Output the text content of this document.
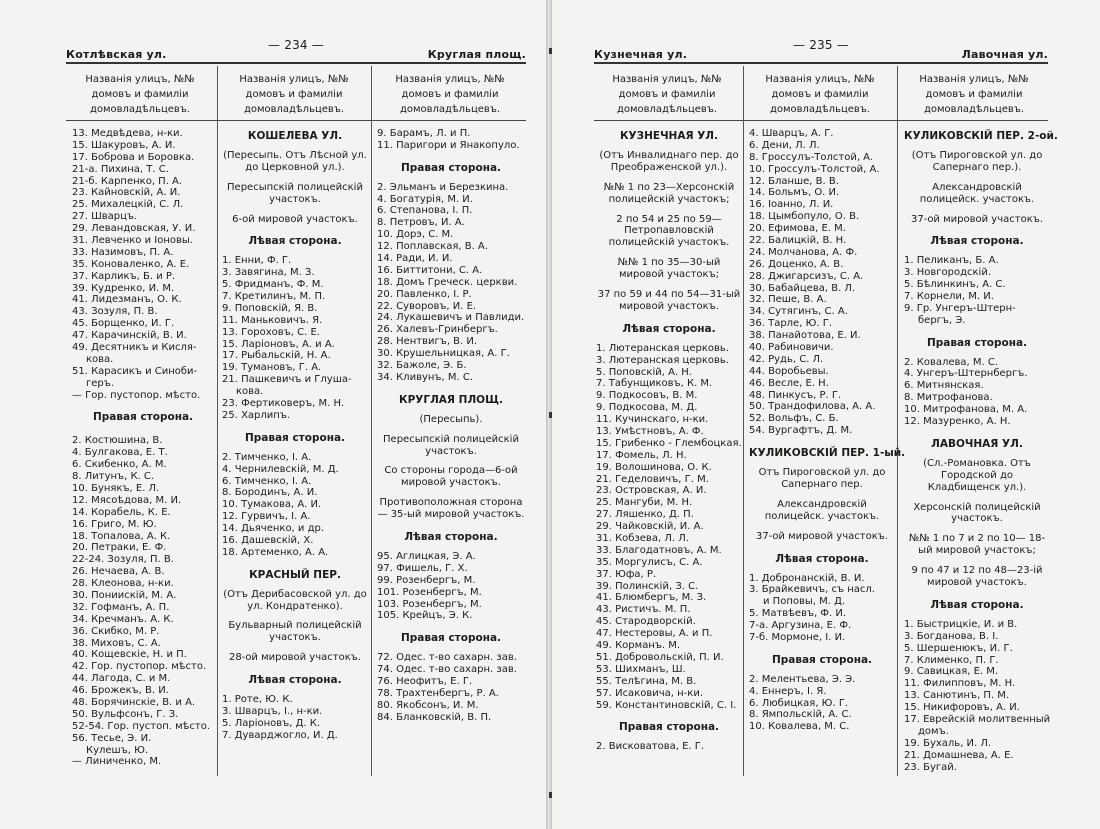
Котлѣвская ул.
— 234 —
Круглая площ.
Названія улицъ, №№
домовъ и фамиліи
домовладѣльцевъ.
Названія улицъ, №№
домовъ и фамиліи
домовладѣльцевъ.
Названія улицъ, №№
домовъ и фамиліи
домовладѣльцевъ.
13. Медвѣдева, н-ки.
15. Шакуровъ, А. И.
17. Боброва и Боровка.
21-а. Пихина, Т. С.
21-б. Карпенко, П. А.
23. Кайновскій, А. И.
25. Михалецкій, С. Л.
27. Шварцъ.
29. Левандовская, У. И.
31. Левченко и Іоновы.
33. Назимовъ, П. А.
35. Коноваленко, А. Е.
37. Карликъ, Б. и Р.
39. Кудренко, И. М.
41. Лидезманъ, О. К.
43. Зозуля, П. В.
45. Борщенко, И. Г.
47. Карачинскій, В. И.
49. Десятникъ и Кисля-
кова.
51. Карасикъ и Синоби-
геръ.
— Гор. пустопор. мѣсто.
Правая сторона.
2. Костюшина, В.
4. Булгакова, Е. Т.
6. Скибенко, А. М.
8. Литунъ, К. С.
10. Бунякъ, Е. Л.
12. Мясоѣдова, М. И.
14. Корабель, К. Е.
16. Григо, М. Ю.
18. Топалова, А. К.
20. Петраки, Е. Ф.
22-24. Зозуля, П. В.
26. Нечаева, А. В.
28. Клеонова, н-ки.
30. Пониискій, М. А.
32. Гофманъ, А. П.
34. Кречманъ. А. К.
36. Скибко, М. Р.
38. Миховъ, С. А.
40. Кощевскіе, Н. и П.
42. Гор. пустопор. мѣсто.
44. Лагода, С. и М.
46. Брожекъ, В. И.
48. Борячинскіе, В. и А.
50. Вульфсонъ, Г. З.
52-54. Гор. пустоп. мѣсто.
56. Тесье, Э. И.
Кулешъ, Ю.
— Линиченко, М.
КОШЕЛЕВА УЛ.
(Пересыпь. Отъ Лѣсной ул. до Церковной ул.).
Пересыпскій полицейскій участокъ.
6-ой мировой участокъ.
Лѣвая сторона.
1. Енни, Ф. Г.
3. Завягина, М. З.
5. Фридманъ, Ф. М.
7. Кретилинъ, М. П.
9. Поповскій, Я. В.
11. Маньковичъ. Я.
13. Гороховъ, С. Е.
15. Ларіоновъ, А. и А.
17. Рыбальскій, Н. А.
19. Тумановъ, Г. А.
21. Пашкевичъ и Глуша-
кова.
23. Фертиковеръ, М. Н.
25. Харлипъ.
Правая сторона.
2. Тимченко, І. А.
4. Чернилевскій, М. Д.
6. Тимченко, І. А.
8. Бородинъ, А. И.
10. Тумакова, А. И.
12. Гурвичъ, І. А.
14. Дьяченко, и др.
16. Дашевскій, Х.
18. Артеменко, А. А.
КРАСНЫЙ ПЕР.
(Отъ Дерибасовской ул. до ул. Кондратенко).
Бульварный полицейскій участокъ.
28-ой мировой участокъ.
Лѣвая сторона.
1. Роте, Ю. К.
3. Шварцъ, І., н-ки.
5. Ларіоновъ, Д. К.
7. Дуварджогло, И. Д.
9. Барамъ, Л. и П.
11. Паригори и Янакопуло.
Правая сторона.
2. Эльманъ и Березкина.
4. Богатурія, М. И.
6. Степанова, І. П.
8. Петровъ, И. А.
10. Дорэ, С. М.
12. Поплавская, В. А.
14. Ради, И. И.
16. Биттитони, С. А.
18. Домъ Греческ. церкви.
20. Павленко, І. Р.
22. Суворовъ, И. Е.
24. Лукашевичъ и Павлиди.
26. Халевъ-Гринбергъ.
28. Нентвигъ, В. И.
30. Крушельницкая, А. Г.
32. Бажоле, Э. Б.
34. Кливунъ, М. С.
КРУГЛАЯ ПЛОЩ.
(Пересыпь).
Пересыпскій полицейскій участокъ.
Со стороны города—6-ой мировой участокъ.
Противоположная сторона— 35-ый мировой участокъ.
Лѣвая сторона.
95. Аглицкая, Э. А.
97. Фишель, Г. Х.
99. Розенбергъ, М.
101. Розенбергъ, М.
103. Розенбергъ, М.
105. Крейцъ, Э. К.
Правая сторона.
72. Одес. т-во сахарн. зав.
74. Одес. т-во сахарн. зав.
76. Неофитъ, Е. Г.
78. Трахтенбергъ, Р. А.
80. Якобсонъ, И. М.
84. Бланковскій, В. П.
Кузнечная ул.
— 235 —
Лавочная ул.
Названія улицъ, №№
домовъ и фамиліи
домовладѣльцевъ.
Названія улицъ, №№
домовъ и фамиліи
домовладѣльцевъ.
Названія улицъ, №№
домовъ и фамиліи
домовладѣльцевъ.
КУЗНЕЧНАЯ УЛ.
(Отъ Инвалиднаго пер. до Преображенской ул.).
№№ 1 по 23—Херсонскій полицейскій участокъ;
2 по 54 и 25 по 59—Петропавловскій полицейскій участокъ.
№№ 1 по 35—30-ый мировой участокъ;
37 по 59 и 44 по 54—31-ый мировой участокъ.
Лѣвая сторона.
1. Лютеранская церковь.
3. Лютеранская церковь.
5. Поповскій, А. Н.
7. Табунщиковъ, К. М.
9. Подкосовъ, В. М.
9. Подкосова, М. Д.
11. Кучинскаго, н-ки.
13. Умѣстновъ, А. Ф.
15. Грибенко - Глембоцкая.
17. Фомель, Л. Н.
19. Волошинова, О. К.
21. Геделовичъ, Г. М.
23. Островская, А. И.
25. Мангуби, М. Н.
27. Ляшенко, Д. П.
29. Чайковскій, И. А.
31. Кобзева, Л. Л.
33. Благодатновъ, А. М.
35. Моргулисъ, С. А.
37. Юфа, Р.
39. Полинскій, З. С.
41. Блюмбергъ, М. З.
43. Ристичъ. М. П.
45. Стародворскій.
47. Нестеровы, А. и П.
49. Корманъ. М.
51. Добровольскій, П. И.
53. Шихманъ, Ш.
55. Телѣгина, М. В.
57. Исаковича, н-ки.
59. Константиновскій, С. І.
Правая сторона.
2. Висковатова, Е. Г.
4. Шварцъ, А. Г.
6. Дени, Л. Л.
8. Гроссулъ-Толстой, А.
10. Гроссулъ-Толстой, А.
12. Бланше, В. В.
14. Больмъ, О. И.
16. Іоанно, Л. И.
18. Цымбопуло, О. В.
20. Ефимова, Е. М.
22. Балицкій, В. Н.
24. Молчанова, А. Ф.
26. Доценко, А. В.
28. Джигарсизъ, С. А.
30. Бабайцева, В. Л.
32. Пеше, В. А.
34. Сутягинъ, С. А.
36. Тарле, Ю. Г.
38. Панайотова, Е. И.
40. Рабиновичи.
42. Рудь, С. Л.
44. Воробьевы.
46. Весле, Е. Н.
48. Пинкусъ, Р. Г.
50. Трандофилова, А. А.
52. Вольфъ, С. Б.
54. Вургафтъ, Д. М.
КУЛИКОВСКІЙ ПЕР. 1-ый.
Отъ Пироговской ул. до Сапернаго пер.
Александровскій полицейск. участокъ.
37-ой мировой участокъ.
Лѣвая сторона.
1. Добронанскій, В. И.
3. Брайкевичъ, съ насл.
и Поповы, М. Д.
5. Матвѣевъ, Ф. И.
7-а. Аргузина, Е. Ф.
7-б. Мормоне, І. И.
Правая сторона.
2. Мелентьева, Э. Э.
4. Еннеръ, І. Я.
6. Любицкая, Ю. Г.
8. Ямпольскій, А. С.
10. Ковалева, М. С.
КУЛИКОВСКІЙ ПЕР. 2-ой.
(Отъ Пироговской ул. до Сапернаго пер.).
Александровскій полицейск. участокъ.
37-ой мировой участокъ.
Лѣвая сторона.
1. Пеликанъ, Б. А.
3. Новгородскій.
5. Бѣлинкинъ, А. С.
7. Корнели, М. И.
9. Гр. Унгеръ-Штерн-
бергъ, Э.
Правая сторона.
2. Ковалева, М. С.
4. Унгеръ-Штернбергъ.
6. Митнянская.
8. Митрофанова.
10. Митрофанова, М. А.
12. Мазуренко, А. Н.
ЛАВОЧНАЯ УЛ.
(Сл.-Романовка. Отъ Городской до Кладбищенск ул.).
Херсонскій полицейскій участокъ.
№№ 1 по 7 и 2 по 10— 18-ый мировой участокъ;
9 по 47 и 12 по 48—23-ій мировой участокъ.
Лѣвая сторона.
1. Быстрицкіе, И. и В.
3. Богданова, В. І.
5. Шершенюкъ, И. Г.
7. Клименко, П. Г.
9. Савицкая, Е. М.
11. Филипповъ, М. Н.
13. Санютинъ, П. М.
15. Никифоровъ, А. И.
17. Еврейскій молитвенный
домъ.
19. Бухаль, И. Л.
21. Домашнева, А. Е.
23. Бугай.
